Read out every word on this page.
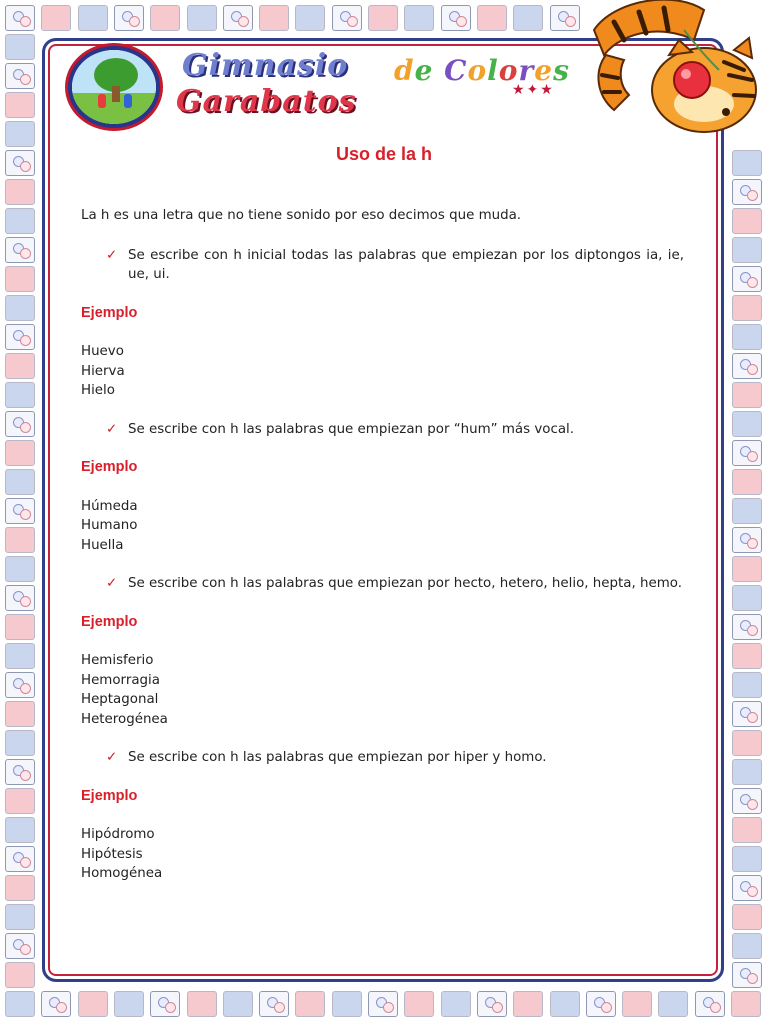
Gimnasio
Garabatos
de Colores
★✦★
Uso de la h

La h es una letra que no tiene sonido por eso decimos que muda.

✓ Se escribe con h inicial todas las palabras que empiezan por los diptongos ia, ie, ue, ui.
Ejemplo
Huevo
Hierva
Hielo
✓ Se escribe con h las palabras que empiezan por “hum” más vocal.
Ejemplo
Húmeda
Humano
Huella
✓ Se escribe con h las palabras que empiezan por hecto, hetero, helio, hepta, hemo.
Ejemplo
Hemisferio
Hemorragia
Heptagonal
Heterogénea
✓ Se escribe con h las palabras que empiezan por hiper y homo.
Ejemplo
Hipódromo
Hipótesis
Homogénea
